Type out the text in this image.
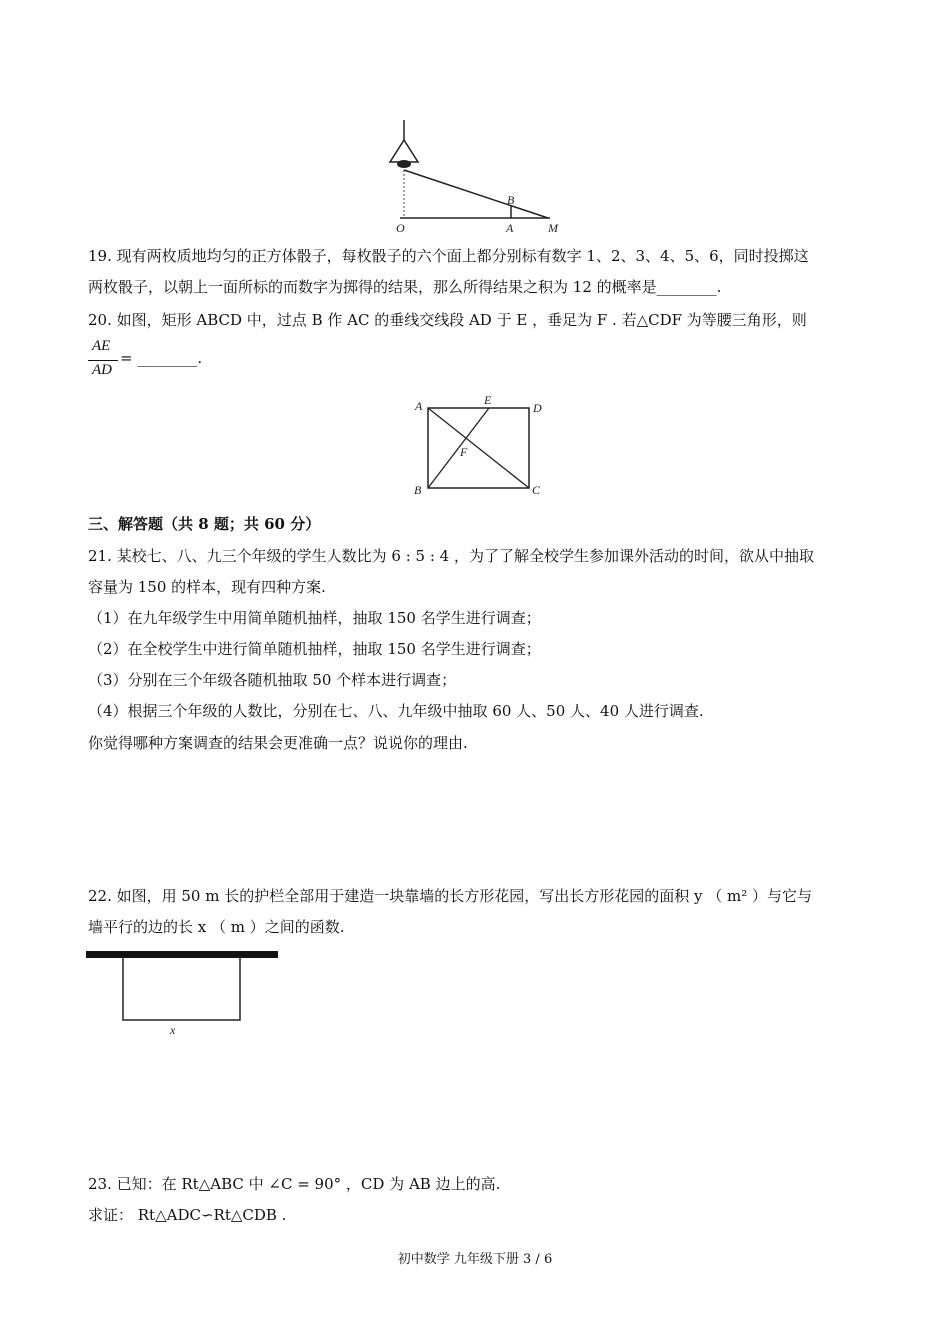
O	A	M
B
19. 现有两枚质地均匀的正方体骰子，每枚骰子的六个面上都分别标有数字 1、2、3、4、5、6，同时投掷这
两枚骰子，以朝上一面所标的而数字为掷得的结果，那么所得结果之积为 12 的概率是________.
20. 如图，矩形 ABCD 中，过点 B 作 AC 的垂线交线段 AD 于 E ，垂足为 F . 若△CDF 为等腰三角形，则
AE
AD
= ________.
A	E
D
F
B	C
三、解答题（共 8 题；共 60 分）
21. 某校七、八、九三个年级的学生人数比为 6 : 5 : 4 ，为了了解全校学生参加课外活动的时间，欲从中抽取
容量为 150 的样本，现有四种方案.
（1）在九年级学生中用简单随机抽样，抽取 150 名学生进行调查；
（2）在全校学生中进行简单随机抽样，抽取 150 名学生进行调查；
（3）分别在三个年级各随机抽取 50 个样本进行调查；
（4）根据三个年级的人数比，分别在七、八、九年级中抽取 60 人、50 人、40 人进行调查.
你觉得哪种方案调查的结果会更准确一点？说说你的理由.
22. 如图，用 50 m 长的护栏全部用于建造一块靠墙的长方形花园，写出长方形花园的面积 y （ m² ）与它与
墙平行的边的长 x （ m ）之间的函数.
x
23. 已知：在 Rt△ABC 中 ∠C = 90° ，CD 为 AB 边上的高.
求证： Rt△ADC∽Rt△CDB .
初中数学 九年级下册 3 / 6
